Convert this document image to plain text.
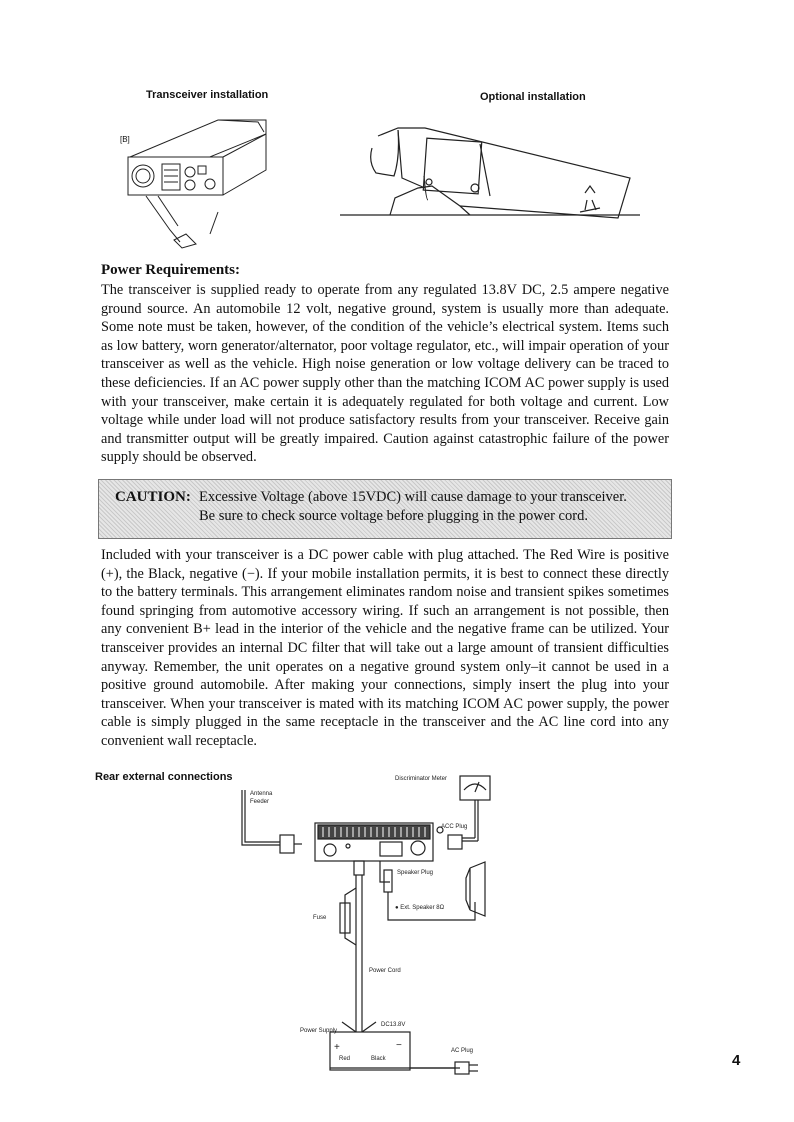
Transceiver installation	Optional installation
[B]
Power Requirements:

The transceiver is supplied ready to operate from any regulated 13.8V DC, 2.5 ampere negative ground source. An automobile 12 volt, negative ground, system is usually more than adequate. Some note must be taken, however, of the condition of the vehicle’s electrical system. Items such as low battery, worn generator/alternator, poor voltage regulator, etc., will impair operation of your transceiver as well as the vehicle. High noise generation or low voltage delivery can be traced to these deficiencies. If an AC power supply other than the matching ICOM AC power supply is used with your transceiver, make certain it is adequately regulated for both voltage and current. Low voltage while under load will not produce satisfactory results from your transceiver. Receive gain and transmitter output will be greatly impaired. Caution against catastrophic failure of the power supply should be observed.

CAUTION: Excessive Voltage (above 15VDC) will cause damage to your transceiver.
Be sure to check source voltage before plugging in the power cord.

Included with your transceiver is a DC power cable with plug attached. The Red Wire is positive (+), the Black, negative (−). If your mobile installation permits, it is best to connect these directly to the battery terminals. This arrangement eliminates random noise and transient spikes sometimes found springing from automotive accessory wiring. If such an arrangement is not possible, then any convenient B+ lead in the interior of the vehicle and the negative frame can be utilized. Your transceiver provides an internal DC filter that will take out a large amount of transient difficulties anyway. Remember, the unit operates on a negative ground system only–it cannot be used in a positive ground automobile. After making your connections, simply insert the plug into your transceiver. When your transceiver is mated with its matching ICOM AC power supply, the power cable is simply plugged in the same receptacle in the transceiver and the AC line cord into any convenient wall receptacle.

Rear external connections
Antenna
Feeder
Discriminator Meter
ACC Plug
Speaker Plug
● Ext. Speaker 8Ω
Fuse
Power Cord
Power Supply
DC13.8V
+	−
Red	Black
AC Plug
4
